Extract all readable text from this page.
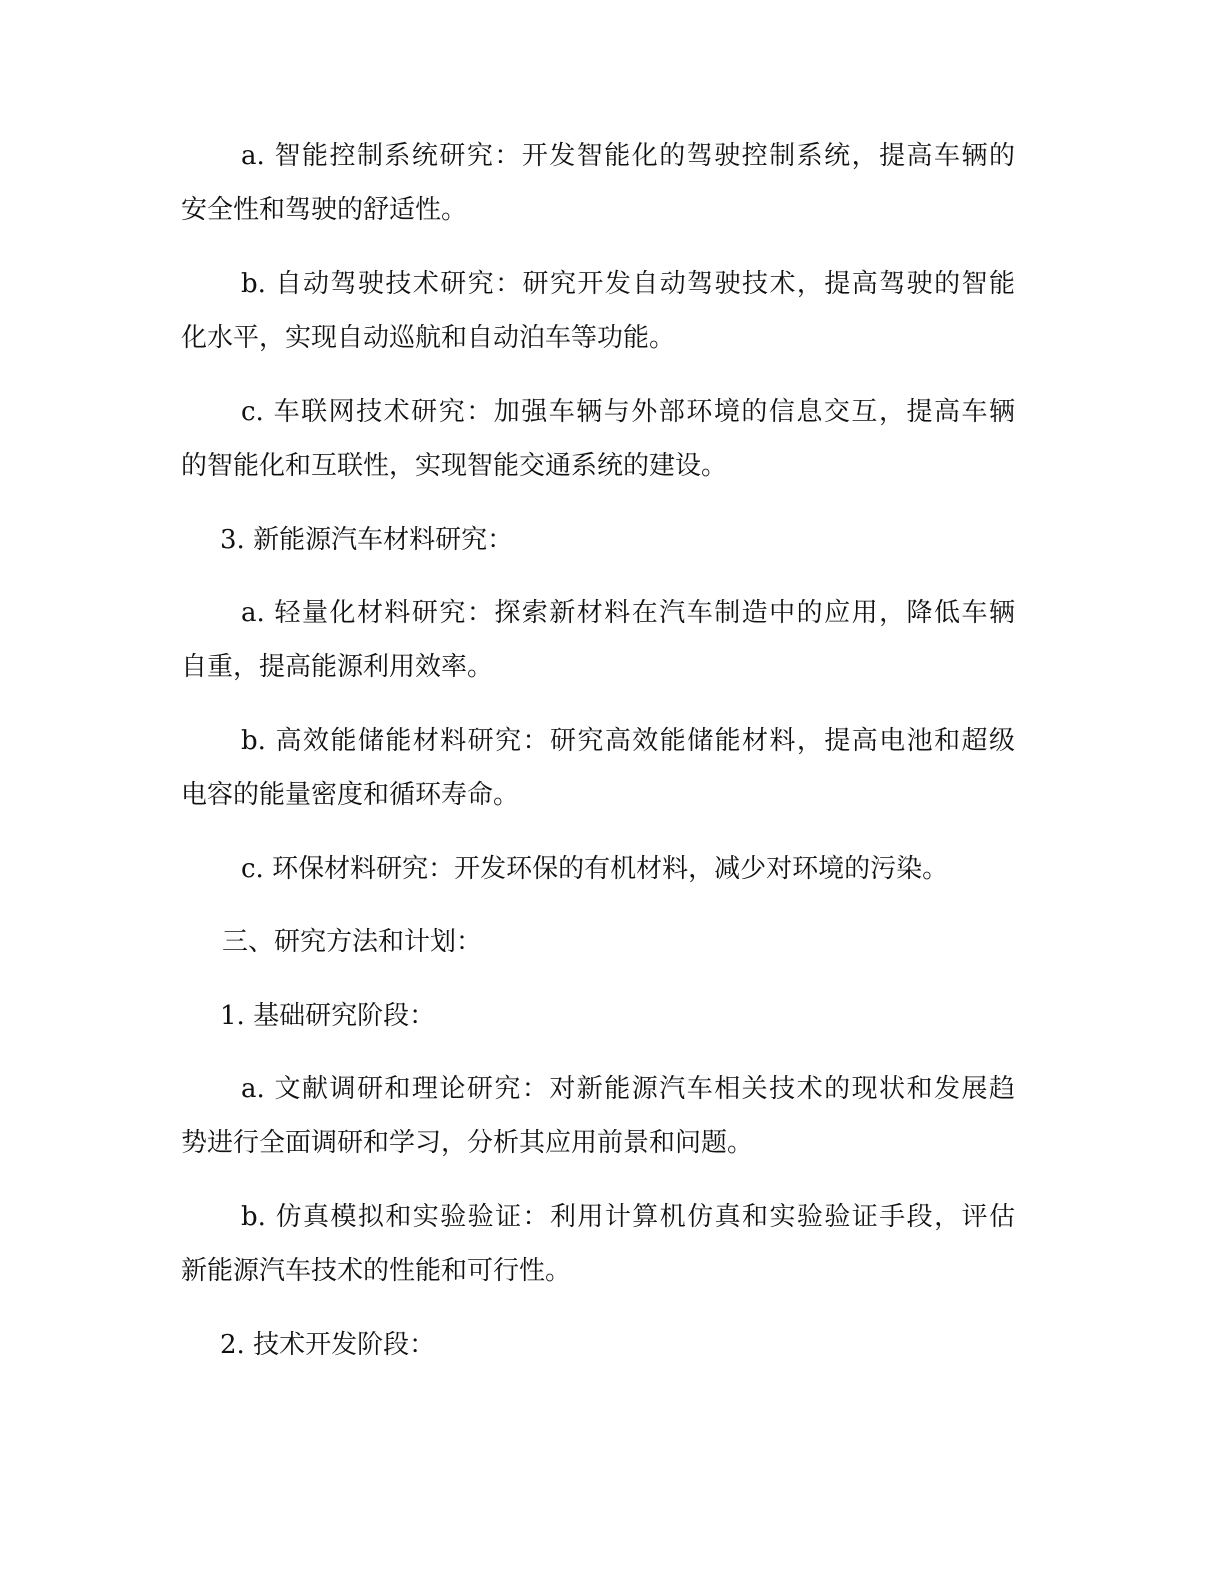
a. 智能控制系统研究：开发智能化的驾驶控制系统，提高车辆的
安全性和驾驶的舒适性。
b. 自动驾驶技术研究：研究开发自动驾驶技术，提高驾驶的智能
化水平，实现自动巡航和自动泊车等功能。
c. 车联网技术研究：加强车辆与外部环境的信息交互，提高车辆
的智能化和互联性，实现智能交通系统的建设。
3. 新能源汽车材料研究：
a. 轻量化材料研究：探索新材料在汽车制造中的应用，降低车辆
自重，提高能源利用效率。
b. 高效能储能材料研究：研究高效能储能材料，提高电池和超级
电容的能量密度和循环寿命。
c. 环保材料研究：开发环保的有机材料，减少对环境的污染。
三、研究方法和计划：
1. 基础研究阶段：
a. 文献调研和理论研究：对新能源汽车相关技术的现状和发展趋
势进行全面调研和学习，分析其应用前景和问题。
b. 仿真模拟和实验验证：利用计算机仿真和实验验证手段，评估
新能源汽车技术的性能和可行性。
2. 技术开发阶段：
